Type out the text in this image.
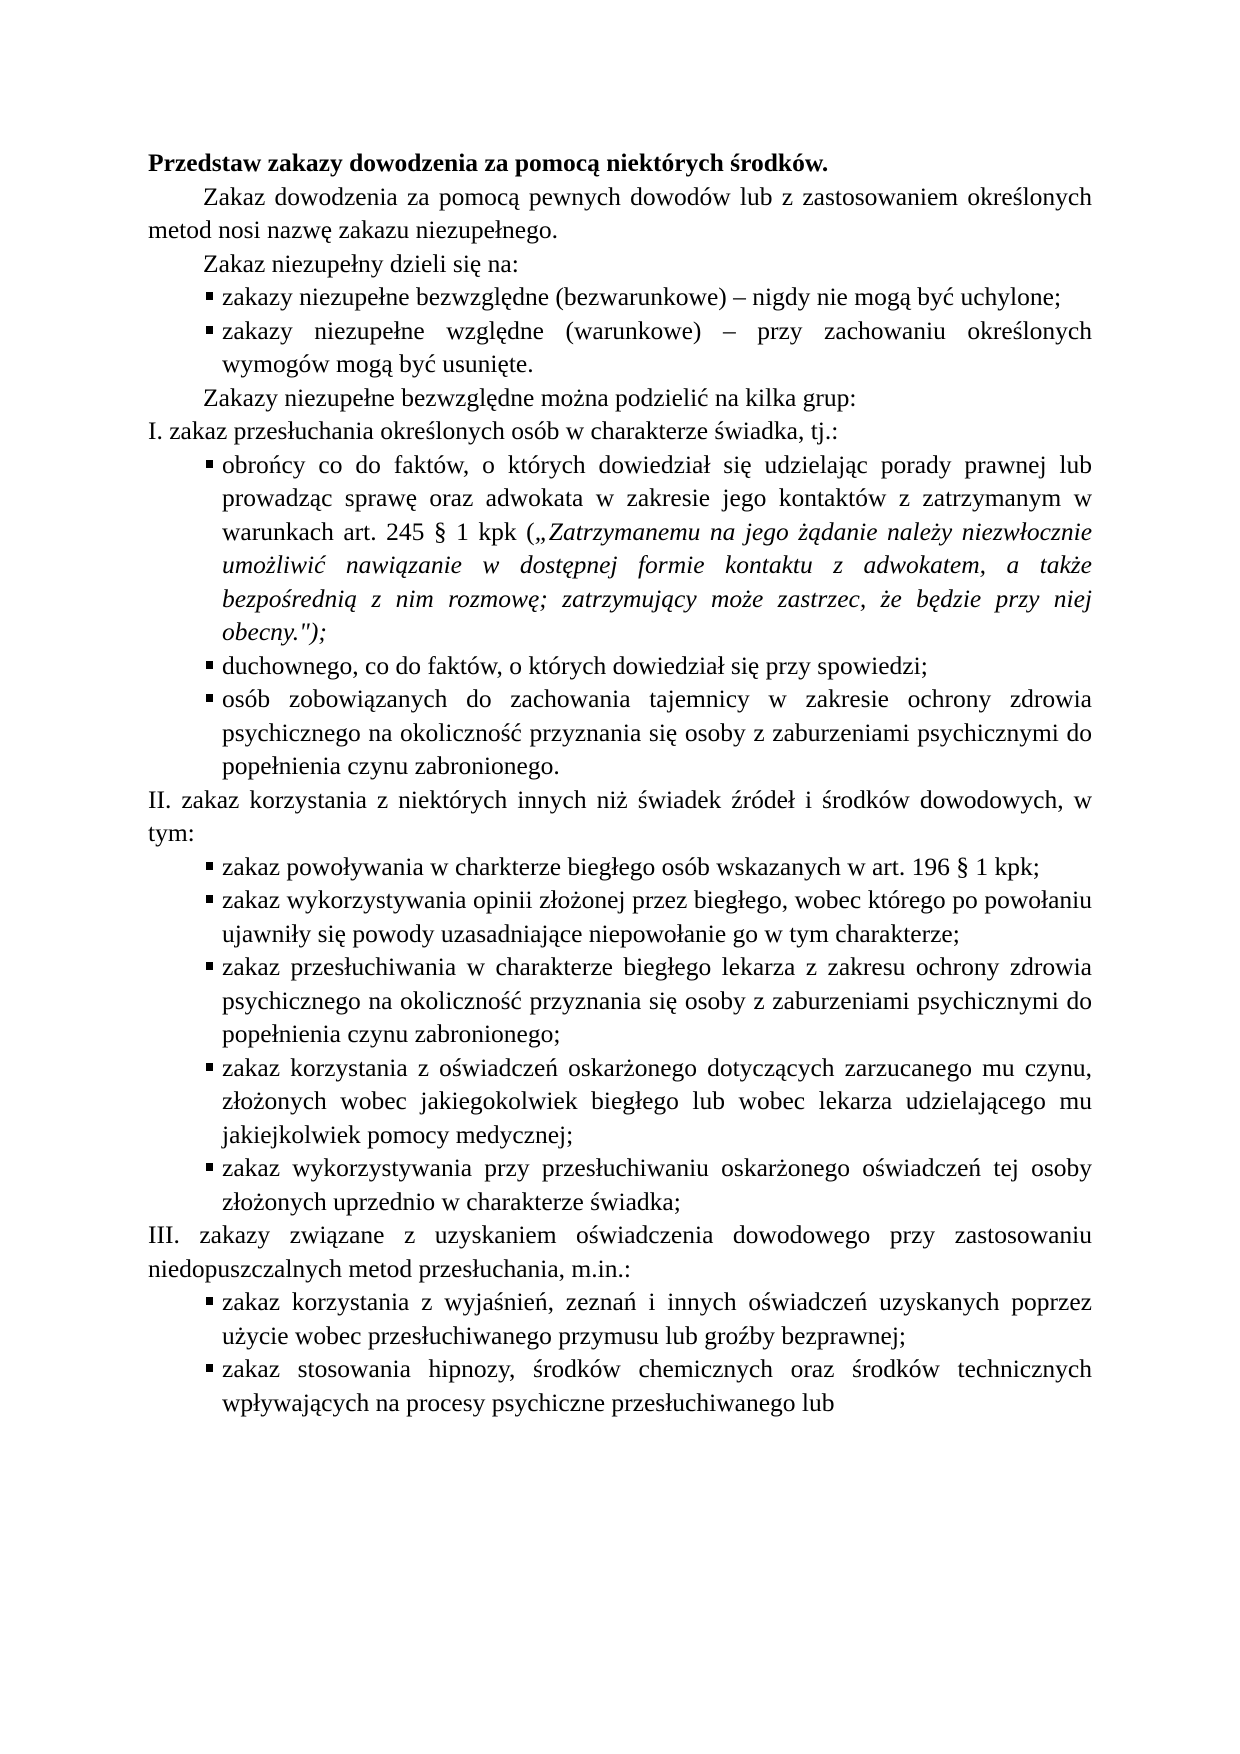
Przedstaw zakazy dowodzenia za pomocą niektórych środków.

Zakaz dowodzenia za pomocą pewnych dowodów lub z zastosowaniem określonych metod nosi nazwę zakazu niezupełnego.

Zakaz niezupełny dzieli się na:

zakazy niezupełne bezwzględne (bezwarunkowe) – nigdy nie mogą być uchylone;
zakazy niezupełne względne (warunkowe) – przy zachowaniu określonych wymogów mogą być usunięte.

Zakazy niezupełne bezwzględne można podzielić na kilka grup:

I. zakaz przesłuchania określonych osób w charakterze świadka, tj.:

obrońcy co do faktów, o których dowiedział się udzielając porady prawnej lub prowadząc sprawę oraz adwokata w zakresie jego kontaktów z zatrzymanym w warunkach art. 245 § 1 kpk („Zatrzymanemu na jego żądanie należy niezwłocznie umożliwić nawiązanie w dostępnej formie kontaktu z adwokatem, a także bezpośrednią z nim rozmowę; zatrzymujący może zastrzec, że będzie przy niej obecny.");
duchownego, co do faktów, o których dowiedział się przy spowiedzi;
osób zobowiązanych do zachowania tajemnicy w zakresie ochrony zdrowia psychicznego na okoliczność przyznania się osoby z zaburzeniami psychicznymi do popełnienia czynu zabronionego.

II. zakaz korzystania z niektórych innych niż świadek źródeł i środków dowodowych, w tym:

zakaz powoływania w charkterze biegłego osób wskazanych w art. 196 § 1 kpk;
zakaz wykorzystywania opinii złożonej przez biegłego, wobec którego po powołaniu ujawniły się powody uzasadniające niepowołanie go w tym charakterze;
zakaz przesłuchiwania w charakterze biegłego lekarza z zakresu ochrony zdrowia psychicznego na okoliczność przyznania się osoby z zaburzeniami psychicznymi do popełnienia czynu zabronionego;
zakaz korzystania z oświadczeń oskarżonego dotyczących zarzucanego mu czynu, złożonych wobec jakiegokolwiek biegłego lub wobec lekarza udzielającego mu jakiejkolwiek pomocy medycznej;
zakaz wykorzystywania przy przesłuchiwaniu oskarżonego oświadczeń tej osoby złożonych uprzednio w charakterze świadka;

III. zakazy związane z uzyskaniem oświadczenia dowodowego przy zastosowaniu niedopuszczalnych metod przesłuchania, m.in.:

zakaz korzystania z wyjaśnień, zeznań i innych oświadczeń uzyskanych poprzez użycie wobec przesłuchiwanego przymusu lub groźby bezprawnej;
zakaz stosowania hipnozy, środków chemicznych oraz środków technicznych wpływających na procesy psychiczne przesłuchiwanego lub
